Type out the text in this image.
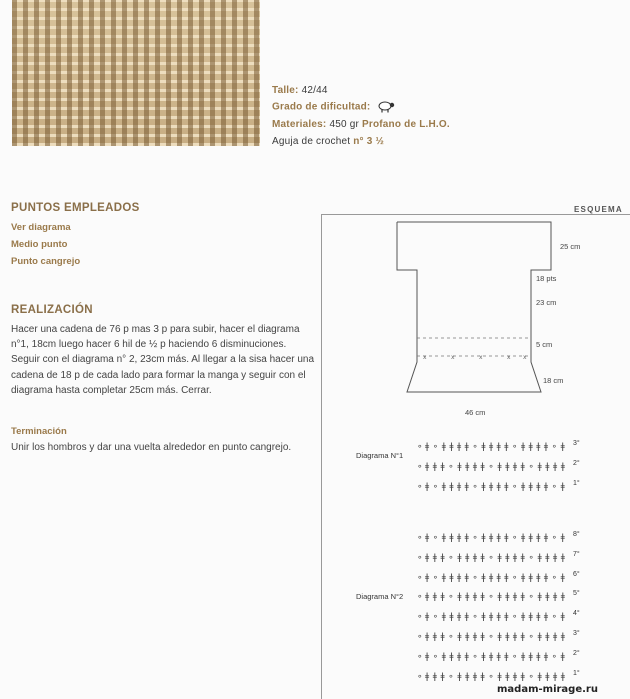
Talle: 42/44
Grado de dificultad:
Materiales: 450 gr Profano de L.H.O.
Aguja de crochet n° 3 ½
PUNTOS EMPLEADOS
Ver diagrama
Medio punto
Punto cangrejo
REALIZACIÓN
Hacer una cadena de 76 p mas 3 p para subir, hacer el diagrama
n°1, 18cm luego hacer 6 hil de ½ p haciendo 6 disminuciones.
Seguir con el diagrama n° 2, 23cm más. Al llegar a la sisa hacer una
cadena de 18 p de cada lado para formar la manga y seguir con el
diagrama hasta completar 25cm más. Cerrar.
Terminación
Unir los hombros y dar una vuelta alrededor en punto cangrejo.
ESQUEMA
x	x	x	x x
25 cm
18 pts
23 cm
5 cm
18 cm
46 cm
Diagrama N°1
ǂ ∘ ǂ ǂ ǂ ǂ ∘ ǂ ǂ ǂ ǂ ∘ ǂ ǂ ǂ ǂ ∘ ǂ
∘	3°
ǂ ǂ ǂ ∘ ǂ ǂ ǂ ǂ ∘ ǂ ǂ ǂ ǂ ∘ ǂ ǂ ǂ ǂ
∘	2°
ǂ ∘ ǂ ǂ ǂ ǂ ∘ ǂ ǂ ǂ ǂ ∘ ǂ ǂ ǂ ǂ ∘ ǂ
∘	1°
Diagrama N°2
ǂ ∘ ǂ ǂ ǂ ǂ ∘ ǂ ǂ ǂ ǂ ∘ ǂ ǂ ǂ ǂ ∘ ǂ
∘	8°
ǂ ǂ ǂ ∘ ǂ ǂ ǂ ǂ ∘ ǂ ǂ ǂ ǂ ∘ ǂ ǂ ǂ ǂ
∘	7°
ǂ ∘ ǂ ǂ ǂ ǂ ∘ ǂ ǂ ǂ ǂ ∘ ǂ ǂ ǂ ǂ ∘ ǂ
∘	6°
ǂ ǂ ǂ ∘ ǂ ǂ ǂ ǂ ∘ ǂ ǂ ǂ ǂ ∘ ǂ ǂ ǂ ǂ
∘	5°
ǂ ∘ ǂ ǂ ǂ ǂ ∘ ǂ ǂ ǂ ǂ ∘ ǂ ǂ ǂ ǂ ∘ ǂ
∘	4°
ǂ ǂ ǂ ∘ ǂ ǂ ǂ ǂ ∘ ǂ ǂ ǂ ǂ ∘ ǂ ǂ ǂ ǂ
∘	3°
ǂ ∘ ǂ ǂ ǂ ǂ ∘ ǂ ǂ ǂ ǂ ∘ ǂ ǂ ǂ ǂ ∘ ǂ
∘	2°
ǂ ǂ ǂ ∘ ǂ ǂ ǂ ǂ ∘ ǂ ǂ ǂ ǂ ∘ ǂ ǂ ǂ ǂ
∘	1°
madam-mirage.ru
